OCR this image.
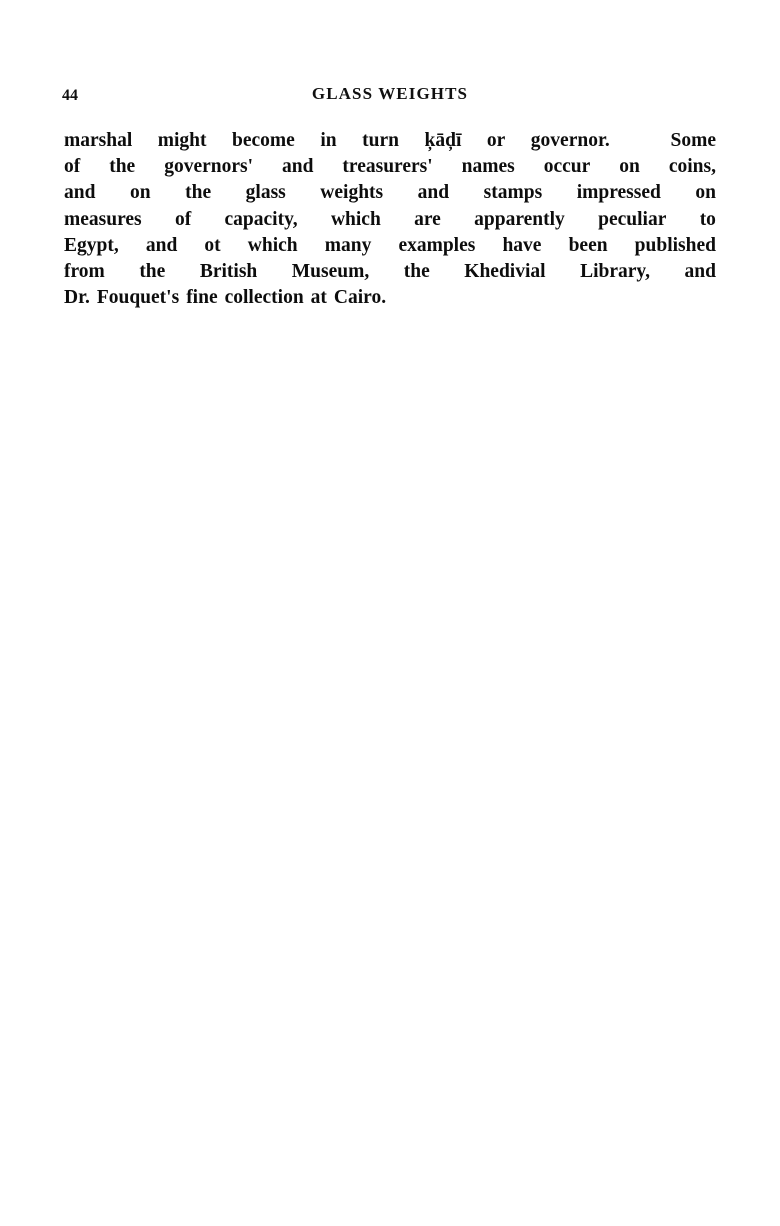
44	GLASS WEIGHTS
marshal might become in turn ķāḑī or governor.
	Some
of the governors' and treasurers' names occur on coins,
and on the glass weights and stamps impressed on
measures of capacity, which are apparently peculiar to
Egypt, and ot which many examples have been published
from the British Museum, the Khedivial Library, and
Dr. Fouquet's fine collection at Cairo.
